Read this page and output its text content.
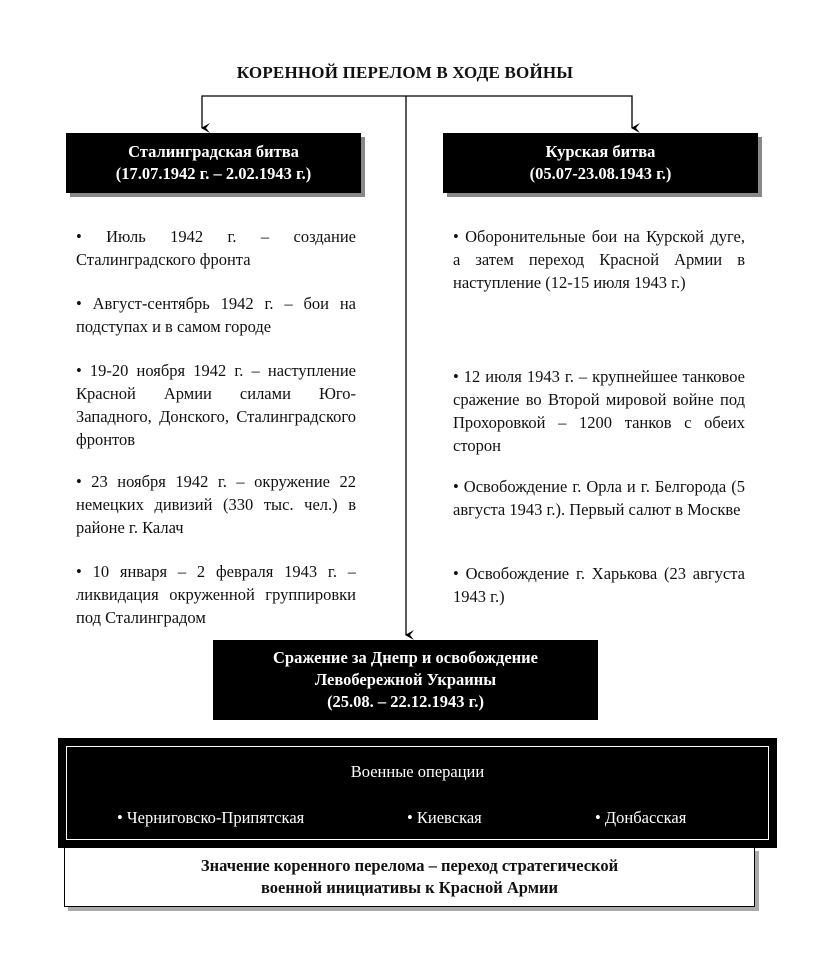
КОРЕННОЙ ПЕРЕЛОМ В ХОДЕ ВОЙНЫ
Сталинградская битва
(17.07.1942 г. – 2.02.1943 г.)
Курская битва
(05.07-23.08.1943 г.)
• Июль 1942 г. – создание Сталинградского фронта
• Август-сентябрь 1942 г. – бои на подступах и в самом городе
• 19-20 ноября 1942 г. – наступление Красной Армии силами Юго-Западного, Донского, Сталинградского фронтов
• 23 ноября 1942 г. – окружение 22 немецких дивизий (330 тыс. чел.) в районе г. Калач
• 10 января – 2 февраля 1943 г. – ликвидация окруженной группировки под Сталинградом
• Оборонительные бои на Курской дуге, а затем переход Красной Армии в наступление (12-15 июля 1943 г.)
• 12 июля 1943 г. – крупнейшее танковое сражение во Второй мировой войне под Прохоровкой – 1200 танков с обеих сторон
• Освобождение г. Орла и г. Белгорода (5 августа 1943 г.). Первый салют в Москве
• Освобождение г. Харькова (23 августа 1943 г.)
Сражение за Днепр и освобождение
Левобережной Украины
(25.08. – 22.12.1943 г.)
Военные операции
• Черниговско-Припятская	• Киевская	• Донбасская
Значение коренного перелома – переход стратегической
военной инициативы к Красной Армии
